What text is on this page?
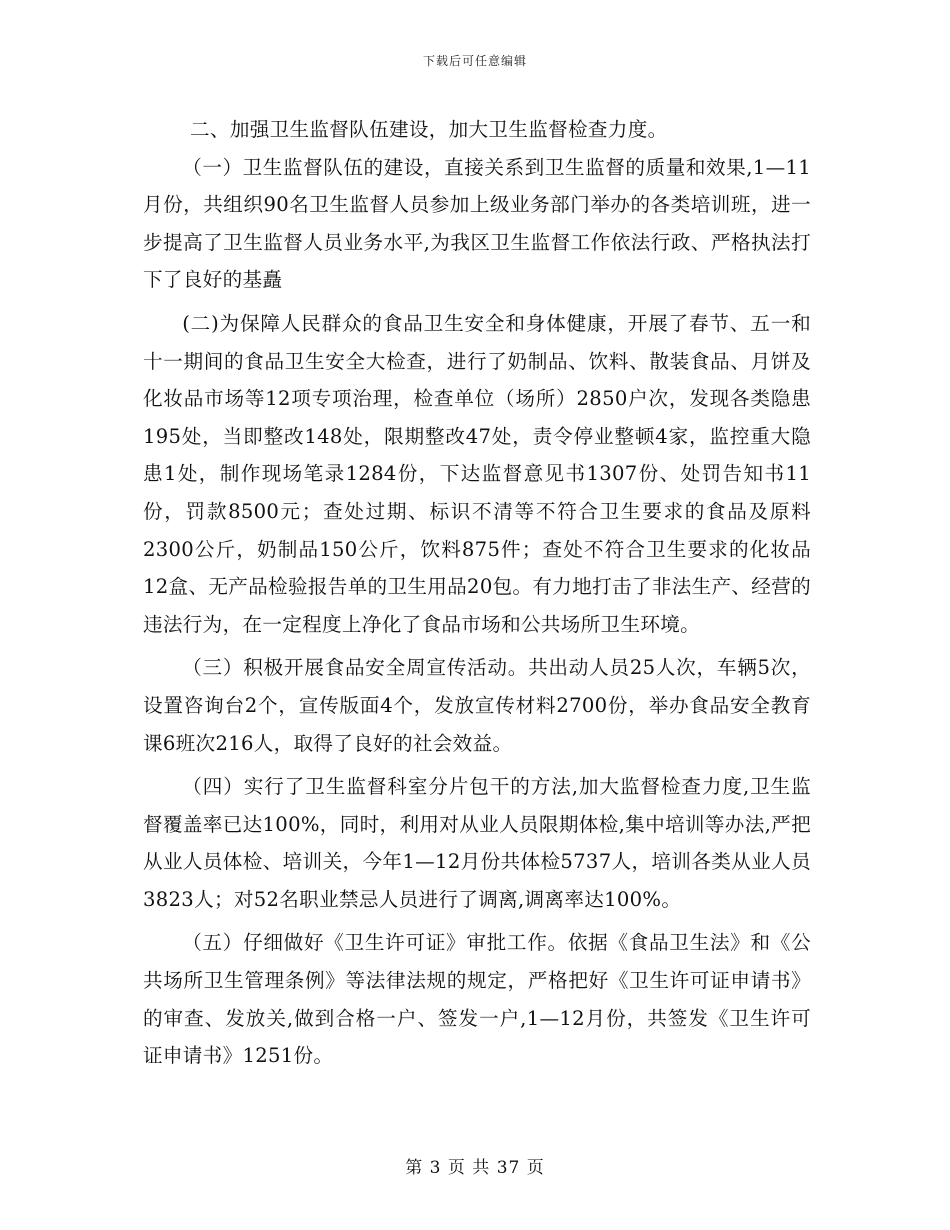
下载后可任意编辑

二、加强卫生监督队伍建设，加大卫生监督检查力度。

（一）卫生监督队伍的建设，直接关系到卫生监督的质量和效果,1—11月份，共组织90名卫生监督人员参加上级业务部门举办的各类培训班，进一步提高了卫生监督人员业务水平,为我区卫生监督工作依法行政、严格执法打下了良好的基矗

(二)为保障人民群众的食品卫生安全和身体健康，开展了春节、五一和十一期间的食品卫生安全大检查，进行了奶制品、饮料、散装食品、月饼及化妆品市场等12项专项治理，检查单位（场所）2850户次，发现各类隐患195处，当即整改148处，限期整改47处，责令停业整顿4家，监控重大隐患1处，制作现场笔录1284份，下达监督意见书1307份、处罚告知书11份，罚款8500元；查处过期、标识不清等不符合卫生要求的食品及原料2300公斤，奶制品150公斤，饮料875件；查处不符合卫生要求的化妆品12盒、无产品检验报告单的卫生用品20包。有力地打击了非法生产、经营的违法行为，在一定程度上净化了食品市场和公共场所卫生环境。

（三）积极开展食品安全周宣传活动。共出动人员25人次，车辆5次，设置咨询台2个，宣传版面4个，发放宣传材料2700份，举办食品安全教育课6班次216人，取得了良好的社会效益。

（四）实行了卫生监督科室分片包干的方法,加大监督检查力度,卫生监督覆盖率已达100%，同时，利用对从业人员限期体检,集中培训等办法,严把从业人员体检、培训关，今年1—12月份共体检5737人，培训各类从业人员3823人；对52名职业禁忌人员进行了调离,调离率达100%。

（五）仔细做好《卫生许可证》审批工作。依据《食品卫生法》和《公共场所卫生管理条例》等法律法规的规定，严格把好《卫生许可证申请书》的审查、发放关,做到合格一户、签发一户,1—12月份，共签发《卫生许可证申请书》1251份。

第 3 页 共 37 页
